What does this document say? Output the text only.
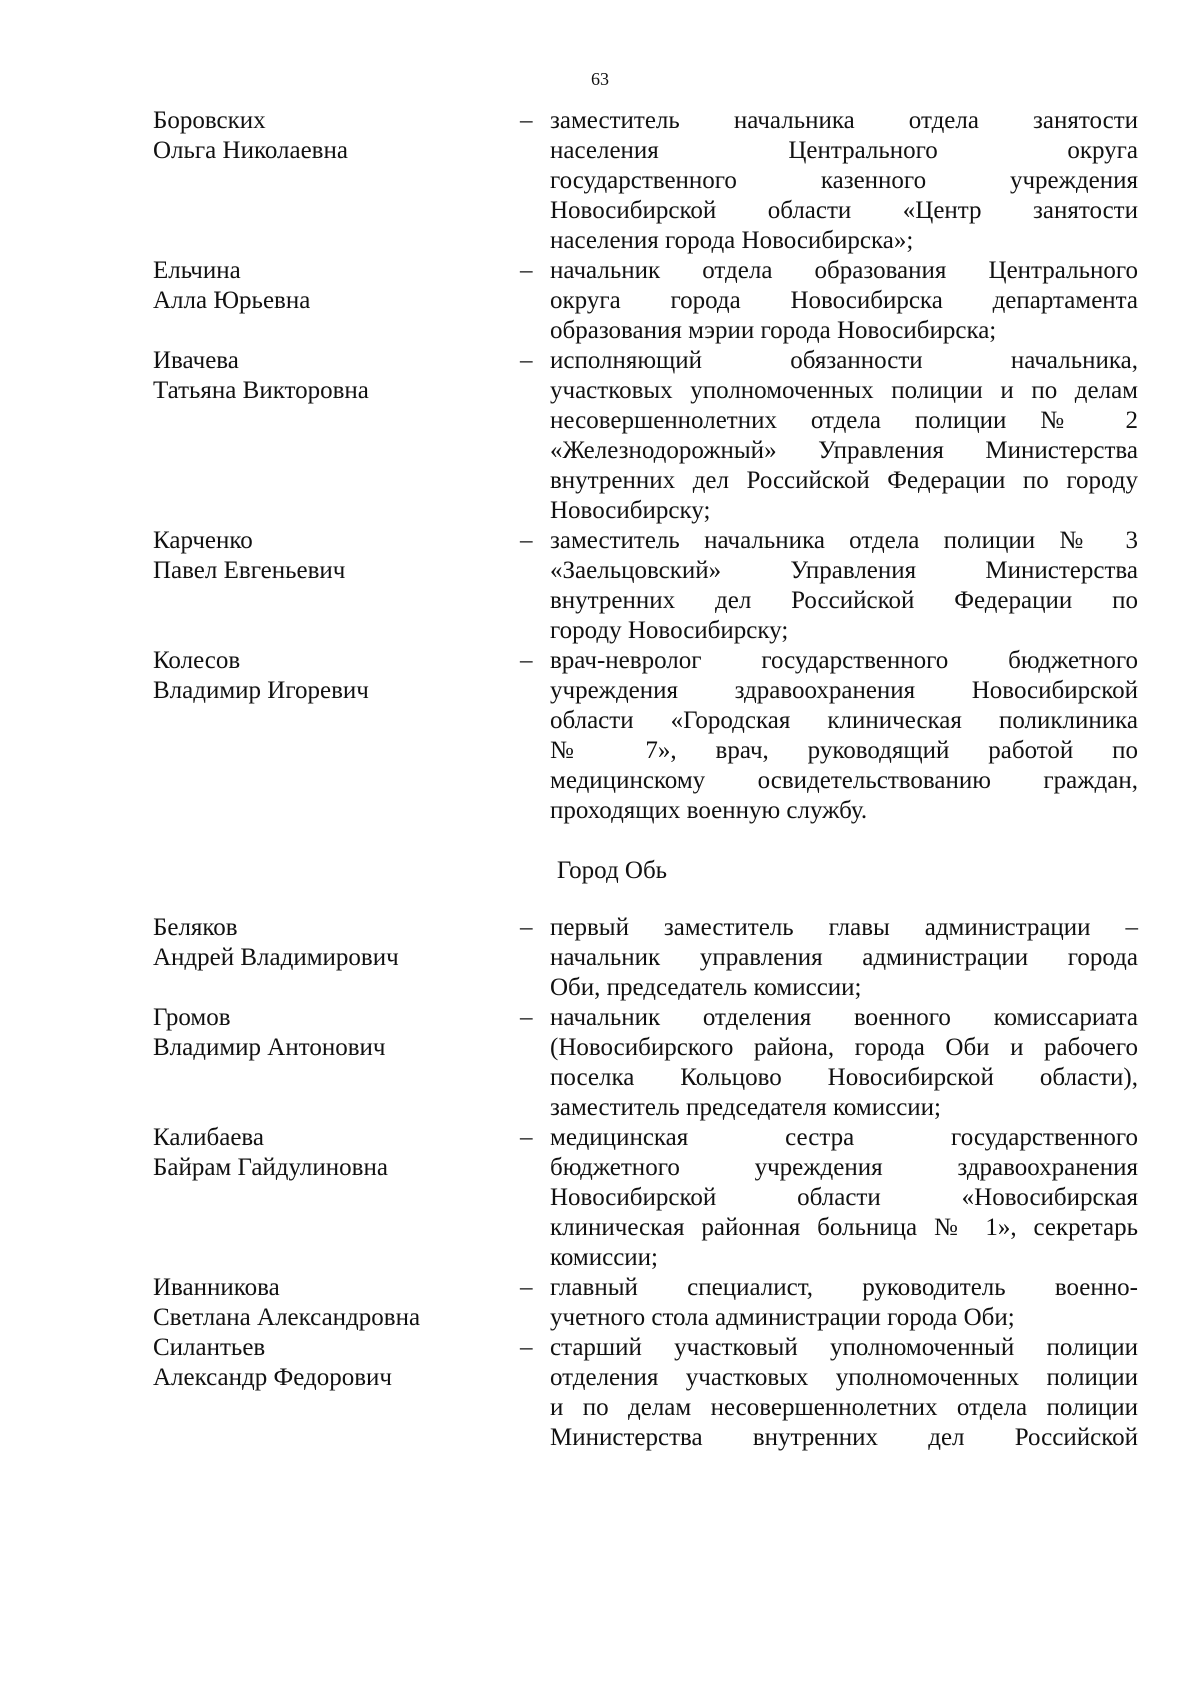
63
Боровских
Ольга Николаевна
– заместитель начальника отдела занятости
населения Центрального округа
государственного казенного учреждения
Новосибирской области «Центр занятости
населения города Новосибирска»;
Ельчина
Алла Юрьевна
– начальник отдела образования Центрального
округа города Новосибирска департамента
образования мэрии города Новосибирска;
Ивачева
Татьяна Викторовна
– исполняющий обязанности начальника,
участковых уполномоченных полиции и по делам
несовершеннолетних отдела полиции № 2
«Железнодорожный» Управления Министерства
внутренних дел Российской Федерации по городу
Новосибирску;
Карченко
Павел Евгеньевич
– заместитель начальника отдела полиции № 3
«Заельцовский» Управления Министерства
внутренних дел Российской Федерации по
городу Новосибирску;
Колесов
Владимир Игоревич
– врач-невролог государственного бюджетного
учреждения здравоохранения Новосибирской
области «Городская клиническая поликлиника
№ 7», врач, руководящий работой по
медицинскому освидетельствованию граждан,
проходящих военную службу.
Город Обь
Беляков
Андрей Владимирович
– первый заместитель главы администрации –
начальник управления администрации города
Оби, председатель комиссии;
Громов
Владимир Антонович
– начальник отделения военного комиссариата
(Новосибирского района, города Оби и рабочего
поселка Кольцово Новосибирской области),
заместитель председателя комиссии;
Калибаева
Байрам Гайдулиновна
– медицинская сестра государственного
бюджетного учреждения здравоохранения
Новосибирской области «Новосибирская
клиническая районная больница № 1», секретарь
комиссии;
Иванникова
Светлана Александровна
– главный специалист, руководитель военно-
учетного стола администрации города Оби;
Силантьев
Александр Федорович
– старший участковый уполномоченный полиции
отделения участковых уполномоченных полиции
и по делам несовершеннолетних отдела полиции
Министерства внутренних дел Российской
